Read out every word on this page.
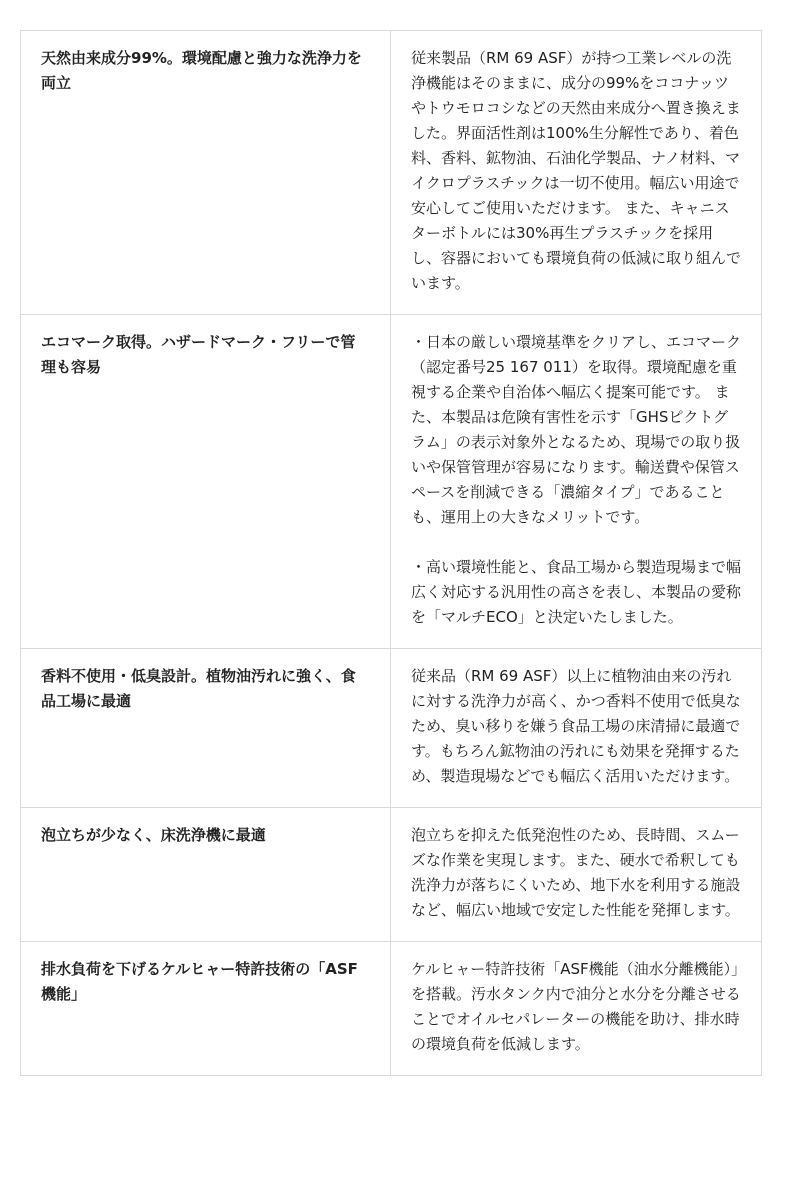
天然由来成分99%。環境配慮と強力な洗浄力を両立	従来製品（RM 69 ASF）が持つ工業レベルの洗浄機能はそのままに、成分の99%をココナッツやトウモロコシなどの天然由来成分へ置き換えました。界面活性剤は100%生分解性であり、着色料、香料、鉱物油、石油化学製品、ナノ材料、マイクロプラスチックは一切不使用。幅広い用途で安心してご使用いただけます。 また、キャニスターボトルには30%再生プラスチックを採用し、容器においても環境負荷の低減に取り組んでいます。

エコマーク取得。ハザードマーク・フリーで管理も容易	・日本の厳しい環境基準をクリアし、エコマーク（認定番号25 167 011）を取得。環境配慮を重視する企業や自治体へ幅広く提案可能です。 また、本製品は危険有害性を示す「GHSピクトグラム」の表示対象外となるため、現場での取り扱いや保管管理が容易になります。輸送費や保管スペースを削減できる「濃縮タイプ」であることも、運用上の大きなメリットです。
・高い環境性能と、食品工場から製造現場まで幅広く対応する汎用性の高さを表し、本製品の愛称を「マルチECO」と決定いたしました。

香料不使用・低臭設計。植物油汚れに強く、食品工場に最適	従来品（RM 69 ASF）以上に植物油由来の汚れに対する洗浄力が高く、かつ香料不使用で低臭なため、臭い移りを嫌う食品工場の床清掃に最適です。もちろん鉱物油の汚れにも効果を発揮するため、製造現場などでも幅広く活用いただけます。

泡立ちが少なく、床洗浄機に最適	泡立ちを抑えた低発泡性のため、長時間、スムーズな作業を実現します。また、硬水で希釈しても洗浄力が落ちにくいため、地下水を利用する施設など、幅広い地域で安定した性能を発揮します。

排水負荷を下げるケルヒャー特許技術の「ASF機能」	ケルヒャー特許技術「ASF機能（油水分離機能）」を搭載。汚水タンク内で油分と水分を分離させることでオイルセパレーターの機能を助け、排水時の環境負荷を低減します。
